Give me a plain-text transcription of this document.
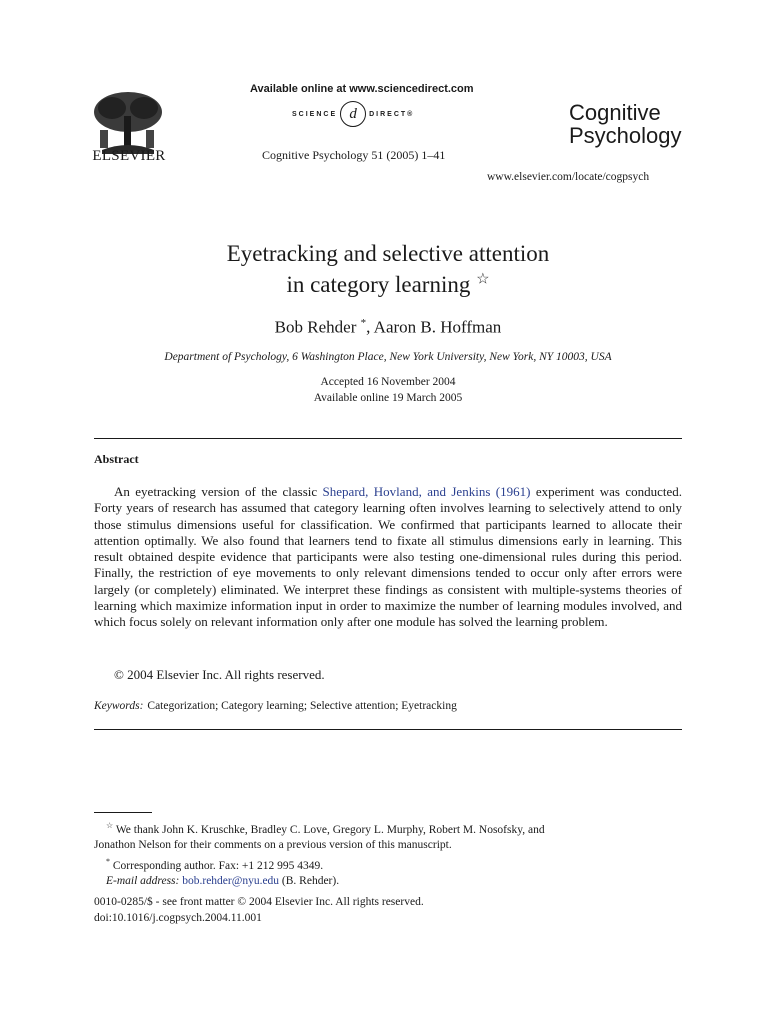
ELSEVIER
Available online at www.sciencedirect.com
SCIENCE d	DIRECT®
Cognitive Psychology 51 (2005) 1–41
Cognitive
Psychology
www.elsevier.com/locate/cogpsych
Eyetracking and selective attention
in category learning ☆
Bob Rehder *, Aaron B. Hoffman
Department of Psychology, 6 Washington Place, New York University, New York, NY 10003, USA
Accepted 16 November 2004
Available online 19 March 2005
Abstract
An eyetracking version of the classic Shepard, Hovland, and Jenkins (1961) experiment was conducted. Forty years of research has assumed that category learning often involves learning to selectively attend to only those stimulus dimensions useful for classification. We confirmed that participants learned to allocate their attention optimally. We also found that learners tend to fixate all stimulus dimensions early in learning. This result obtained despite evidence that participants were also testing one-dimensional rules during this period. Finally, the restriction of eye movements to only relevant dimensions tended to occur only after errors were largely (or completely) eliminated. We interpret these findings as consistent with multiple-systems theories of learning which maximize information input in order to maximize the number of learning modules involved, and which focus solely on relevant information only after one module has solved the learning problem.
© 2004 Elsevier Inc. All rights reserved.
Keywords: Categorization; Category learning; Selective attention; Eyetracking
☆ We thank John K. Kruschke, Bradley C. Love, Gregory L. Murphy, Robert M. Nosofsky, and
Jonathon Nelson for their comments on a previous version of this manuscript.
* Corresponding author. Fax: +1 212 995 4349.
E-mail address: bob.rehder@nyu.edu (B. Rehder).
0010-0285/$ - see front matter © 2004 Elsevier Inc. All rights reserved.
doi:10.1016/j.cogpsych.2004.11.001
